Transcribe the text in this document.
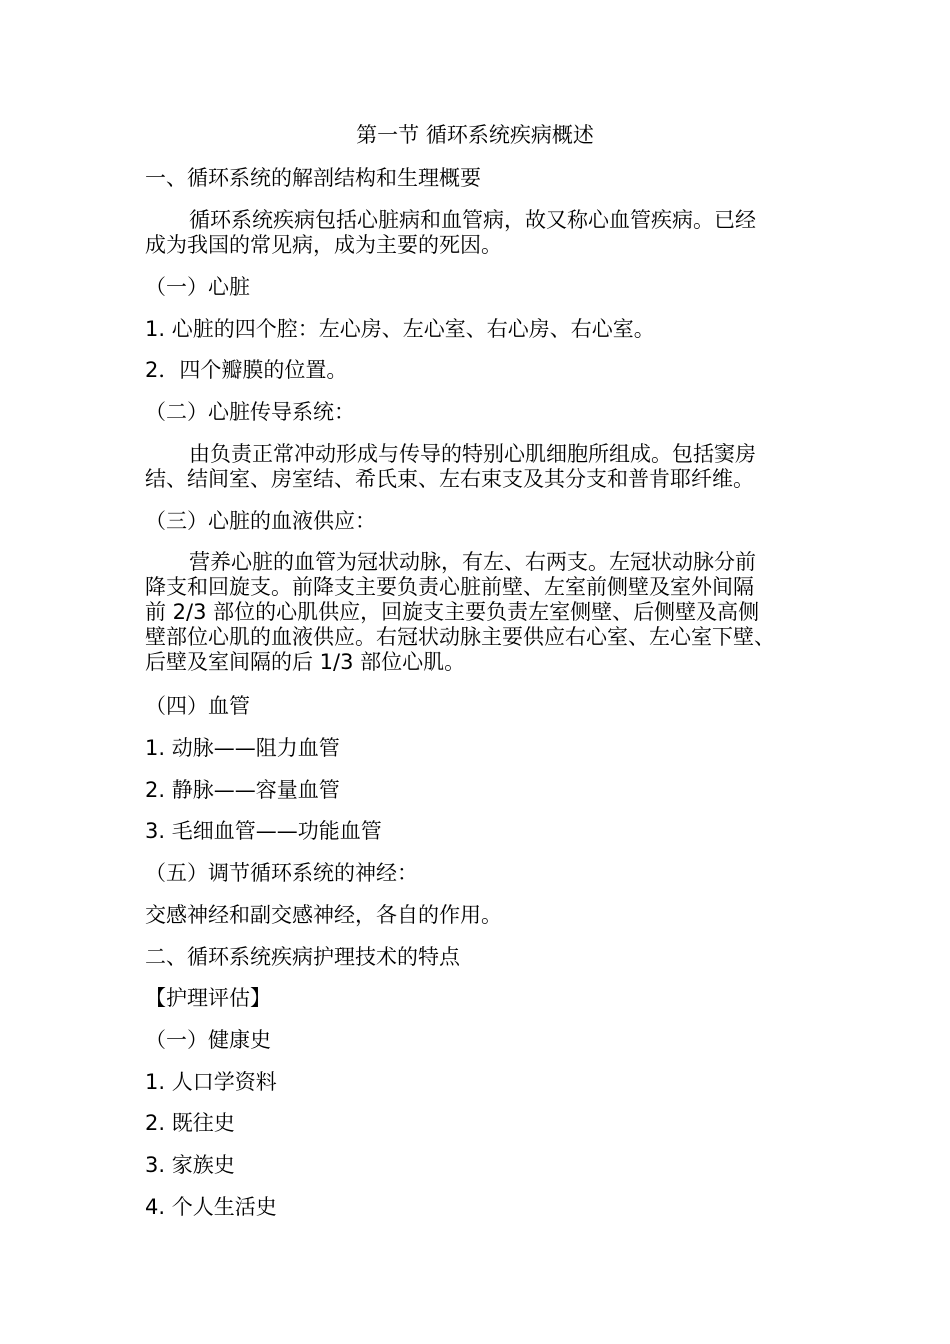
第一节 循环系统疾病概述

一、循环系统的解剖结构和生理概要

循环系统疾病包括心脏病和血管病，故又称心血管疾病。已经
成为我国的常见病，成为主要的死因。

（一）心脏

1. 心脏的四个腔：左心房、左心室、右心房、右心室。

2．四个瓣膜的位置。

（二）心脏传导系统：

由负责正常冲动形成与传导的特别心肌细胞所组成。包括窦房
结、结间室、房室结、希氏束、左右束支及其分支和普肯耶纤维。

（三）心脏的血液供应：

营养心脏的血管为冠状动脉，有左、右两支。左冠状动脉分前
降支和回旋支。前降支主要负责心脏前壁、左室前侧壁及室外间隔
前 2/3 部位的心肌供应，回旋支主要负责左室侧壁、后侧壁及高侧
壁部位心肌的血液供应。右冠状动脉主要供应右心室、左心室下壁、
后壁及室间隔的后 1/3 部位心肌。

（四）血管

1. 动脉——阻力血管

2. 静脉——容量血管

3. 毛细血管——功能血管

（五）调节循环系统的神经：

交感神经和副交感神经，各自的作用。

二、循环系统疾病护理技术的特点

【护理评估】

（一）健康史

1. 人口学资料

2. 既往史

3. 家族史

4. 个人生活史
